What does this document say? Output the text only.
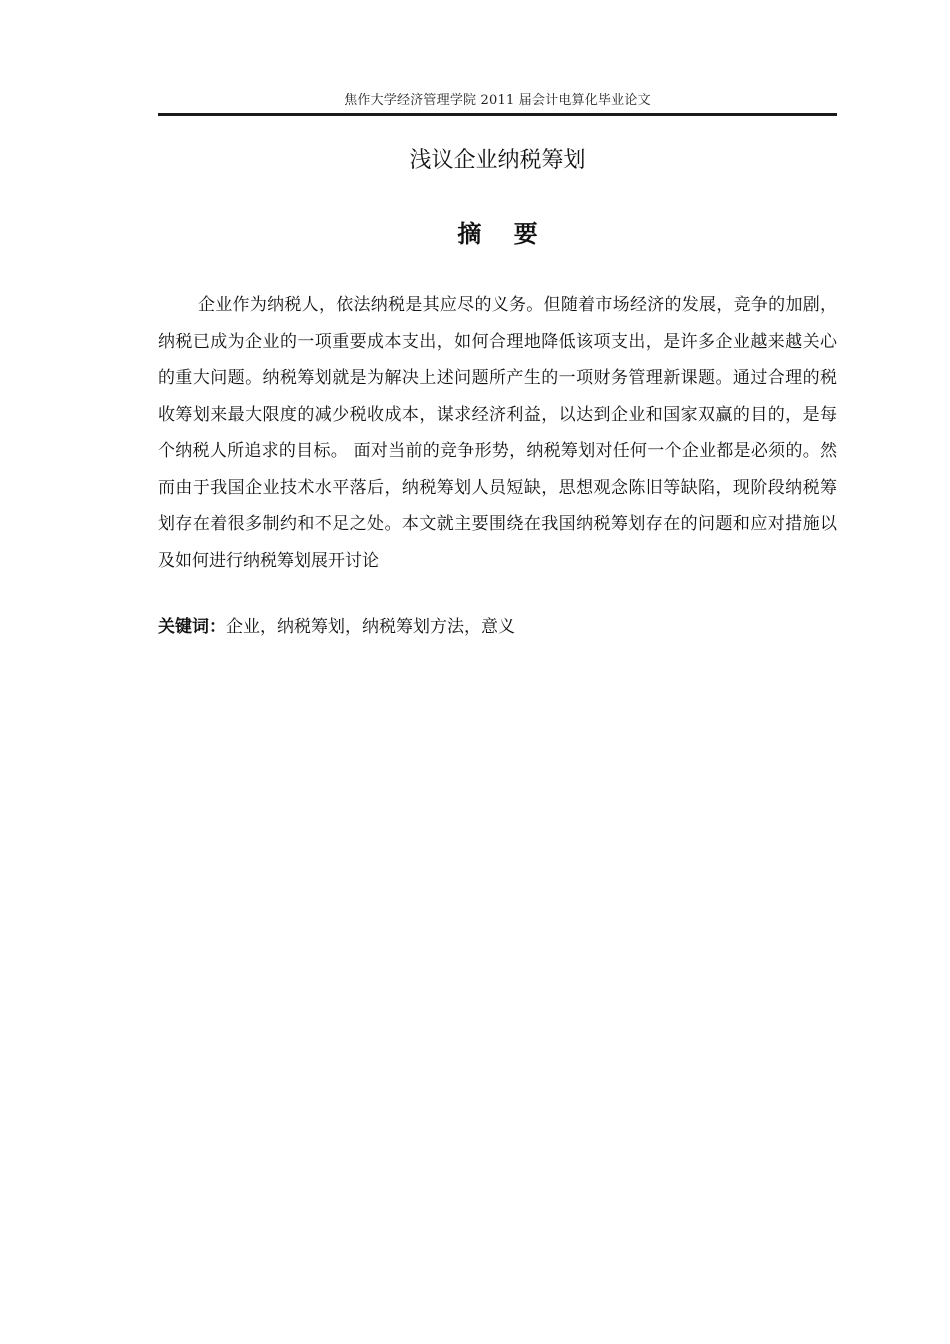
焦作大学经济管理学院 2011 届会计电算化毕业论文
浅议企业纳税筹划
摘 要

企业作为纳税人，依法纳税是其应尽的义务。但随着市场经济的发展，竞争的加剧，纳税已成为企业的一项重要成本支出，如何合理地降低该项支出，是许多企业越来越关心的重大问题。纳税筹划就是为解决上述问题所产生的一项财务管理新课题。通过合理的税收筹划来最大限度的减少税收成本，谋求经济利益，以达到企业和国家双赢的目的，是每个纳税人所追求的目标。 面对当前的竞争形势，纳税筹划对任何一个企业都是必须的。然而由于我国企业技术水平落后，纳税筹划人员短缺，思想观念陈旧等缺陷，现阶段纳税筹划存在着很多制约和不足之处。本文就主要围绕在我国纳税筹划存在的问题和应对措施以及如何进行纳税筹划展开讨论

关键词：企业，纳税筹划，纳税筹划方法，意义
